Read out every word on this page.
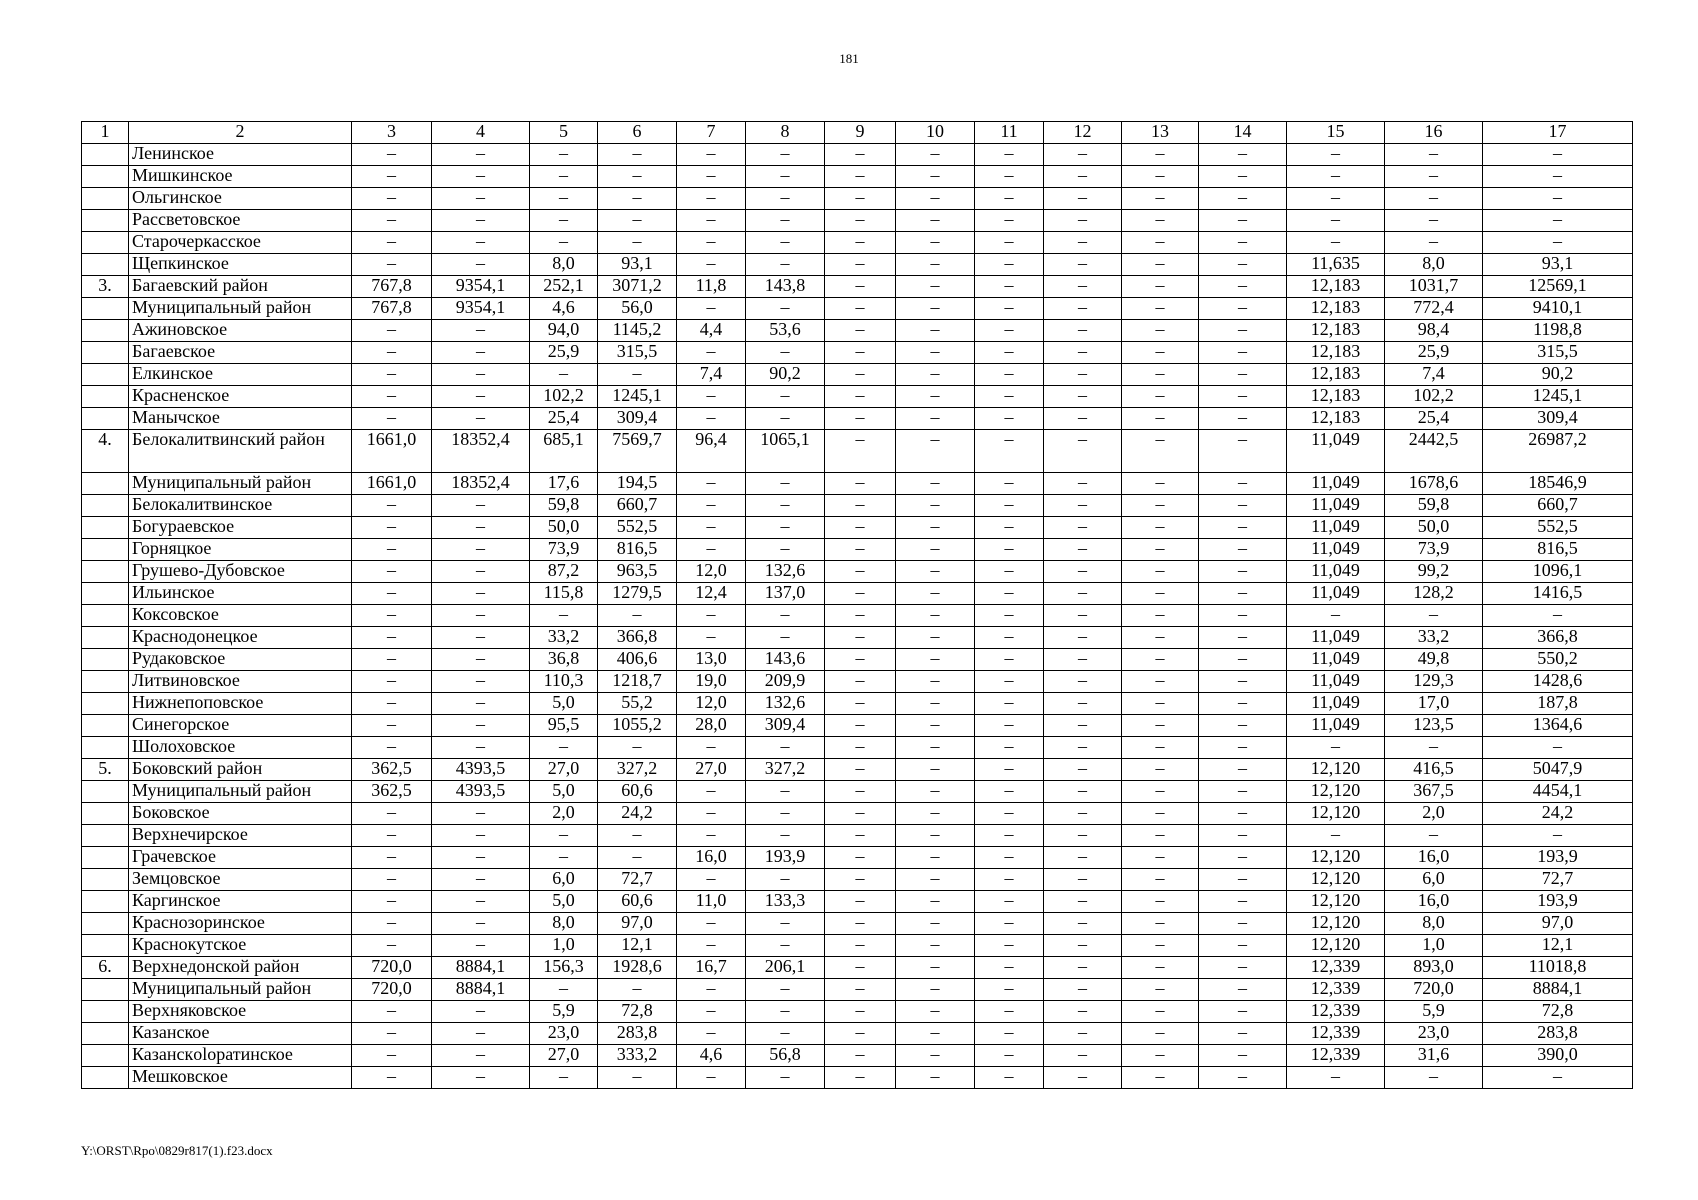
181
1	2	3	4	5	6	7	8	9	10	11	12	13	14	15	16	17
	Ленинское	–	–	–	–	–	–	–	–	–	–	–	–	–	–	–
	Мишкинское	–	–	–	–	–	–	–	–	–	–	–	–	–	–	–
	Ольгинское	–	–	–	–	–	–	–	–	–	–	–	–	–	–	–
	Рассветовское	–	–	–	–	–	–	–	–	–	–	–	–	–	–	–
	Старочеркасское	–	–	–	–	–	–	–	–	–	–	–	–	–	–	–
	Щепкинское	–	–	8,0	93,1	–	–	–	–	–	–	–	–	11,635	8,0	93,1
3.	Багаевский район	767,8	9354,1	252,1	3071,2	11,8	143,8	–	–	–	–	–	–	12,183	1031,7	12569,1
	Муниципальный район	767,8	9354,1	4,6	56,0	–	–	–	–	–	–	–	–	12,183	772,4	9410,1
	Ажиновское	–	–	94,0	1145,2	4,4	53,6	–	–	–	–	–	–	12,183	98,4	1198,8
	Багаевское	–	–	25,9	315,5	–	–	–	–	–	–	–	–	12,183	25,9	315,5
	Елкинское	–	–	–	–	7,4	90,2	–	–	–	–	–	–	12,183	7,4	90,2
	Красненское	–	–	102,2	1245,1	–	–	–	–	–	–	–	–	12,183	102,2	1245,1
	Манычское	–	–	25,4	309,4	–	–	–	–	–	–	–	–	12,183	25,4	309,4
4.	Белокалитвинский район	1661,0	18352,4	685,1	7569,7	96,4	1065,1	–	–	–	–	–	–	11,049	2442,5	26987,2
	Муниципальный район	1661,0	18352,4	17,6	194,5	–	–	–	–	–	–	–	–	11,049	1678,6	18546,9
	Белокалитвинское	–	–	59,8	660,7	–	–	–	–	–	–	–	–	11,049	59,8	660,7
	Богураевское	–	–	50,0	552,5	–	–	–	–	–	–	–	–	11,049	50,0	552,5
	Горняцкое	–	–	73,9	816,5	–	–	–	–	–	–	–	–	11,049	73,9	816,5
	Грушево-Дубовское	–	–	87,2	963,5	12,0	132,6	–	–	–	–	–	–	11,049	99,2	1096,1
	Ильинское	–	–	115,8	1279,5	12,4	137,0	–	–	–	–	–	–	11,049	128,2	1416,5
	Коксовское	–	–	–	–	–	–	–	–	–	–	–	–	–	–	–
	Краснодонецкое	–	–	33,2	366,8	–	–	–	–	–	–	–	–	11,049	33,2	366,8
	Рудаковское	–	–	36,8	406,6	13,0	143,6	–	–	–	–	–	–	11,049	49,8	550,2
	Литвиновское	–	–	110,3	1218,7	19,0	209,9	–	–	–	–	–	–	11,049	129,3	1428,6
	Нижнепоповское	–	–	5,0	55,2	12,0	132,6	–	–	–	–	–	–	11,049	17,0	187,8
	Синегорское	–	–	95,5	1055,2	28,0	309,4	–	–	–	–	–	–	11,049	123,5	1364,6
	Шолоховское	–	–	–	–	–	–	–	–	–	–	–	–	–	–	–
5.	Боковский район	362,5	4393,5	27,0	327,2	27,0	327,2	–	–	–	–	–	–	12,120	416,5	5047,9
	Муниципальный район	362,5	4393,5	5,0	60,6	–	–	–	–	–	–	–	–	12,120	367,5	4454,1
	Боковское	–	–	2,0	24,2	–	–	–	–	–	–	–	–	12,120	2,0	24,2
	Верхнечирское	–	–	–	–	–	–	–	–	–	–	–	–	–	–	–
	Грачевское	–	–	–	–	16,0	193,9	–	–	–	–	–	–	12,120	16,0	193,9
	Земцовское	–	–	6,0	72,7	–	–	–	–	–	–	–	–	12,120	6,0	72,7
	Каргинское	–	–	5,0	60,6	11,0	133,3	–	–	–	–	–	–	12,120	16,0	193,9
	Краснозоринское	–	–	8,0	97,0	–	–	–	–	–	–	–	–	12,120	8,0	97,0
	Краснокутское	–	–	1,0	12,1	–	–	–	–	–	–	–	–	12,120	1,0	12,1
6.	Верхнедонской район	720,0	8884,1	156,3	1928,6	16,7	206,1	–	–	–	–	–	–	12,339	893,0	11018,8
	Муниципальный район	720,0	8884,1	–	–	–	–	–	–	–	–	–	–	12,339	720,0	8884,1
	Верхняковское	–	–	5,9	72,8	–	–	–	–	–	–	–	–	12,339	5,9	72,8
	Казанское	–	–	23,0	283,8	–	–	–	–	–	–	–	–	12,339	23,0	283,8
	Казанскolopатинское	–	–	27,0	333,2	4,6	56,8	–	–	–	–	–	–	12,339	31,6	390,0
	Мешковское	–	–	–	–	–	–	–	–	–	–	–	–	–	–	–
Y:\ORST\Rpo\0829r817(1).f23.docx
